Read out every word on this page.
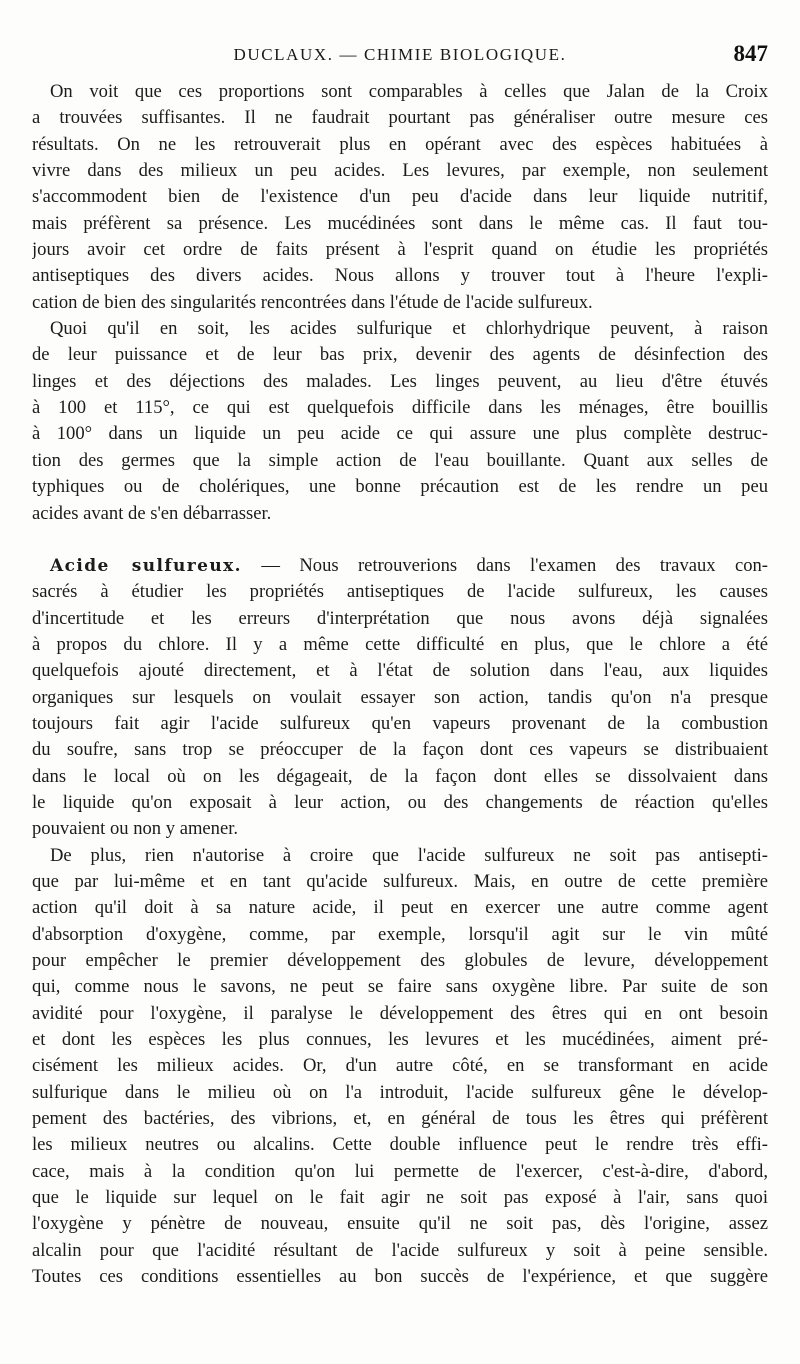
DUCLAUX. — CHIMIE BIOLOGIQUE.	847
On voit que ces proportions sont comparables à celles que Jalan de la Croix
a trouvées suffisantes. Il ne faudrait pourtant pas généraliser outre mesure ces
résultats. On ne les retrouverait plus en opérant avec des espèces habituées à
vivre dans des milieux un peu acides. Les levures, par exemple, non seulement
s'accommodent bien de l'existence d'un peu d'acide dans leur liquide nutritif,
mais préfèrent sa présence. Les mucédinées sont dans le même cas. Il faut tou-
jours avoir cet ordre de faits présent à l'esprit quand on étudie les propriétés
antiseptiques des divers acides. Nous allons y trouver tout à l'heure l'expli-
cation de bien des singularités rencontrées dans l'étude de l'acide sulfureux.
Quoi qu'il en soit, les acides sulfurique et chlorhydrique peuvent, à raison
de leur puissance et de leur bas prix, devenir des agents de désinfection des
linges et des déjections des malades. Les linges peuvent, au lieu d'être étuvés
à 100 et 115°, ce qui est quelquefois difficile dans les ménages, être bouillis
à 100° dans un liquide un peu acide ce qui assure une plus complète destruc-
tion des germes que la simple action de l'eau bouillante. Quant aux selles de
typhiques ou de cholériques, une bonne précaution est de les rendre un peu
acides avant de s'en débarrasser.
Acide sulfureux. — Nous retrouverions dans l'examen des travaux con-
sacrés à étudier les propriétés antiseptiques de l'acide sulfureux, les causes
d'incertitude et les erreurs d'interprétation que nous avons déjà signalées
à propos du chlore. Il y a même cette difficulté en plus, que le chlore a été
quelquefois ajouté directement, et à l'état de solution dans l'eau, aux liquides
organiques sur lesquels on voulait essayer son action, tandis qu'on n'a presque
toujours fait agir l'acide sulfureux qu'en vapeurs provenant de la combustion
du soufre, sans trop se préoccuper de la façon dont ces vapeurs se distribuaient
dans le local où on les dégageait, de la façon dont elles se dissolvaient dans
le liquide qu'on exposait à leur action, ou des changements de réaction qu'elles
pouvaient ou non y amener.
De plus, rien n'autorise à croire que l'acide sulfureux ne soit pas antisepti-
que par lui-même et en tant qu'acide sulfureux. Mais, en outre de cette première
action qu'il doit à sa nature acide, il peut en exercer une autre comme agent
d'absorption d'oxygène, comme, par exemple, lorsqu'il agit sur le vin mûté
pour empêcher le premier développement des globules de levure, développement
qui, comme nous le savons, ne peut se faire sans oxygène libre. Par suite de son
avidité pour l'oxygène, il paralyse le développement des êtres qui en ont besoin
et dont les espèces les plus connues, les levures et les mucédinées, aiment pré-
cisément les milieux acides. Or, d'un autre côté, en se transformant en acide
sulfurique dans le milieu où on l'a introduit, l'acide sulfureux gêne le dévelop-
pement des bactéries, des vibrions, et, en général de tous les êtres qui préfèrent
les milieux neutres ou alcalins. Cette double influence peut le rendre très effi-
cace, mais à la condition qu'on lui permette de l'exercer, c'est-à-dire, d'abord,
que le liquide sur lequel on le fait agir ne soit pas exposé à l'air, sans quoi
l'oxygène y pénètre de nouveau, ensuite qu'il ne soit pas, dès l'origine, assez
alcalin pour que l'acidité résultant de l'acide sulfureux y soit à peine sensible.
Toutes ces conditions essentielles au bon succès de l'expérience, et que suggère
